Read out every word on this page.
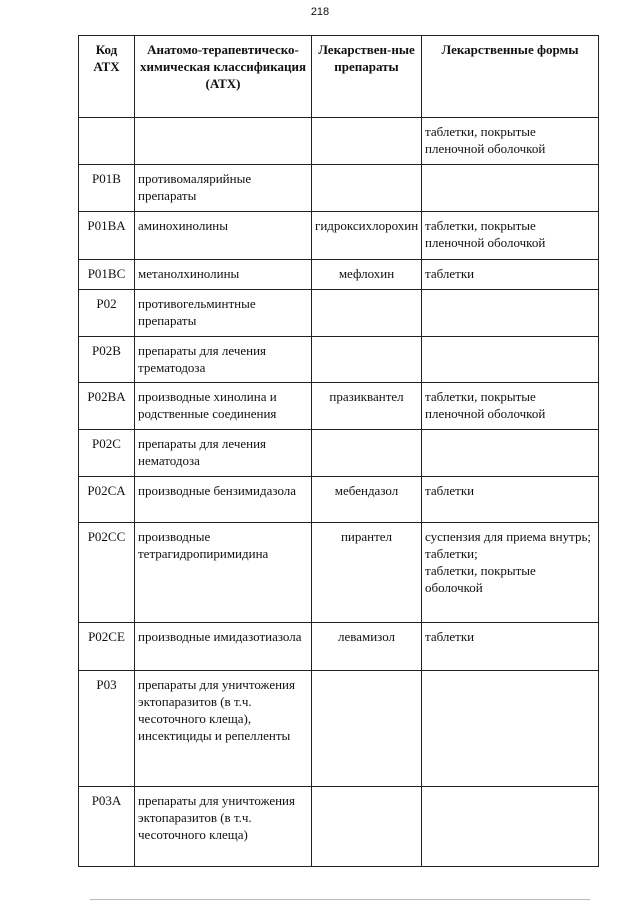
218
Код АТХ	Анатомо-терапевтическо-химическая классификация (АТХ)	Лекарствен-ные препараты	Лекарственные формы
			таблетки, покрытые пленочной оболочкой
P01B	противомалярийные препараты		
P01BA	аминохинолины	гидроксихлорохин	таблетки, покрытые пленочной оболочкой
P01BC	метанолхинолины	мефлохин	таблетки
P02	противогельминтные препараты		
P02B	препараты для лечения трематодоза		
P02BA	производные хинолина и родственные соединения	празиквантел	таблетки, покрытые пленочной оболочкой
P02C	препараты для лечения нематодоза		
P02CA	производные бензимидазола	мебендазол	таблетки
P02CC	производные тетрагидропиримидина	пирантел	суспензия для приема внутрь;
таблетки;
таблетки, покрытые оболочкой
P02CE	производные имидазотиазола	левамизол	таблетки
P03	препараты для уничтожения эктопаразитов (в т.ч. чесоточного клеща), инсектициды и репелленты		
P03A	препараты для уничтожения эктопаразитов (в т.ч. чесоточного клеща)		
